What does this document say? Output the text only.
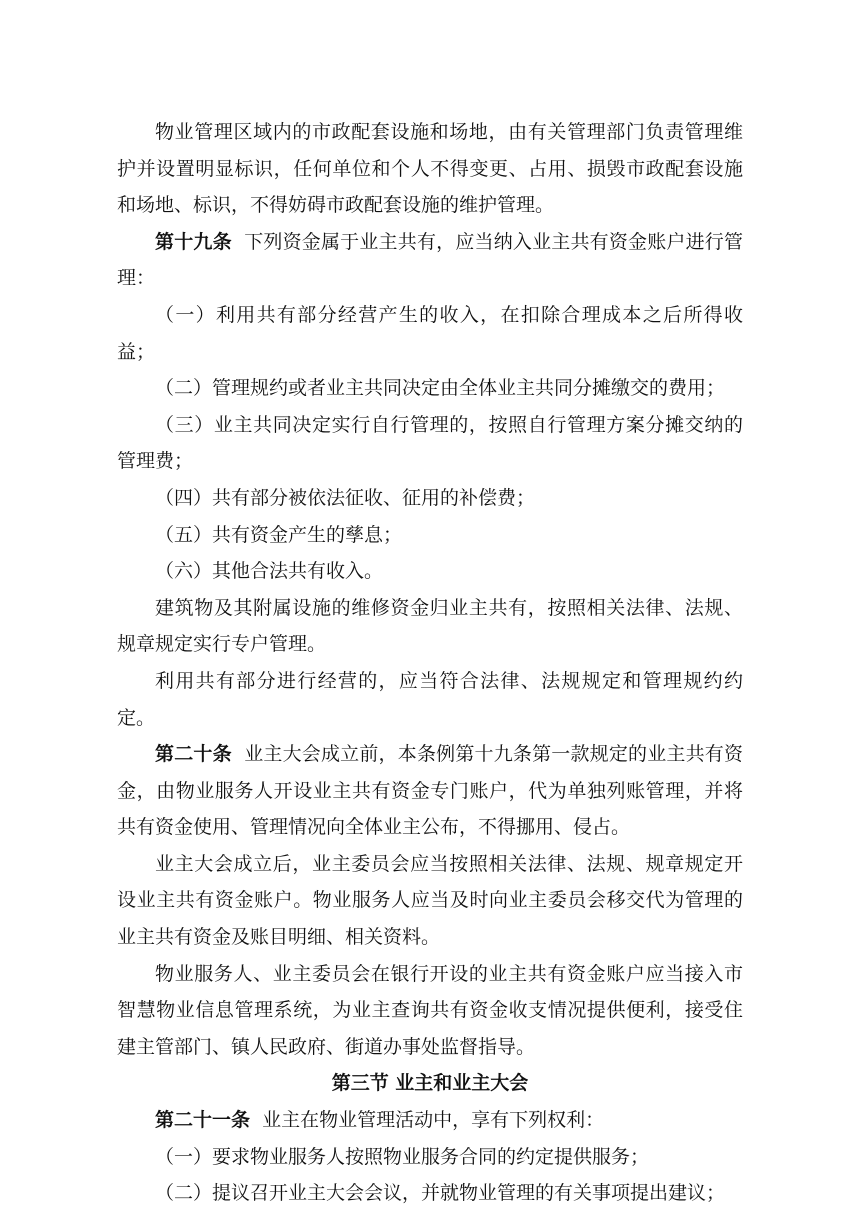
物业管理区域内的市政配套设施和场地，由有关管理部门负责管理维护并设置明显标识，任何单位和个人不得变更、占用、损毁市政配套设施和场地、标识，不得妨碍市政配套设施的维护管理。

第十九条 下列资金属于业主共有，应当纳入业主共有资金账户进行管理：

（一）利用共有部分经营产生的收入，在扣除合理成本之后所得收益；

（二）管理规约或者业主共同决定由全体业主共同分摊缴交的费用；

（三）业主共同决定实行自行管理的，按照自行管理方案分摊交纳的管理费；

（四）共有部分被依法征收、征用的补偿费；

（五）共有资金产生的孳息；

（六）其他合法共有收入。

建筑物及其附属设施的维修资金归业主共有，按照相关法律、法规、规章规定实行专户管理。

利用共有部分进行经营的，应当符合法律、法规规定和管理规约约定。

第二十条 业主大会成立前，本条例第十九条第一款规定的业主共有资金，由物业服务人开设业主共有资金专门账户，代为单独列账管理，并将共有资金使用、管理情况向全体业主公布，不得挪用、侵占。

业主大会成立后，业主委员会应当按照相关法律、法规、规章规定开设业主共有资金账户。物业服务人应当及时向业主委员会移交代为管理的业主共有资金及账目明细、相关资料。

物业服务人、业主委员会在银行开设的业主共有资金账户应当接入市智慧物业信息管理系统，为业主查询共有资金收支情况提供便利，接受住建主管部门、镇人民政府、街道办事处监督指导。

第三节 业主和业主大会

第二十一条 业主在物业管理活动中，享有下列权利：

（一）要求物业服务人按照物业服务合同的约定提供服务；

（二）提议召开业主大会会议，并就物业管理的有关事项提出建议；
